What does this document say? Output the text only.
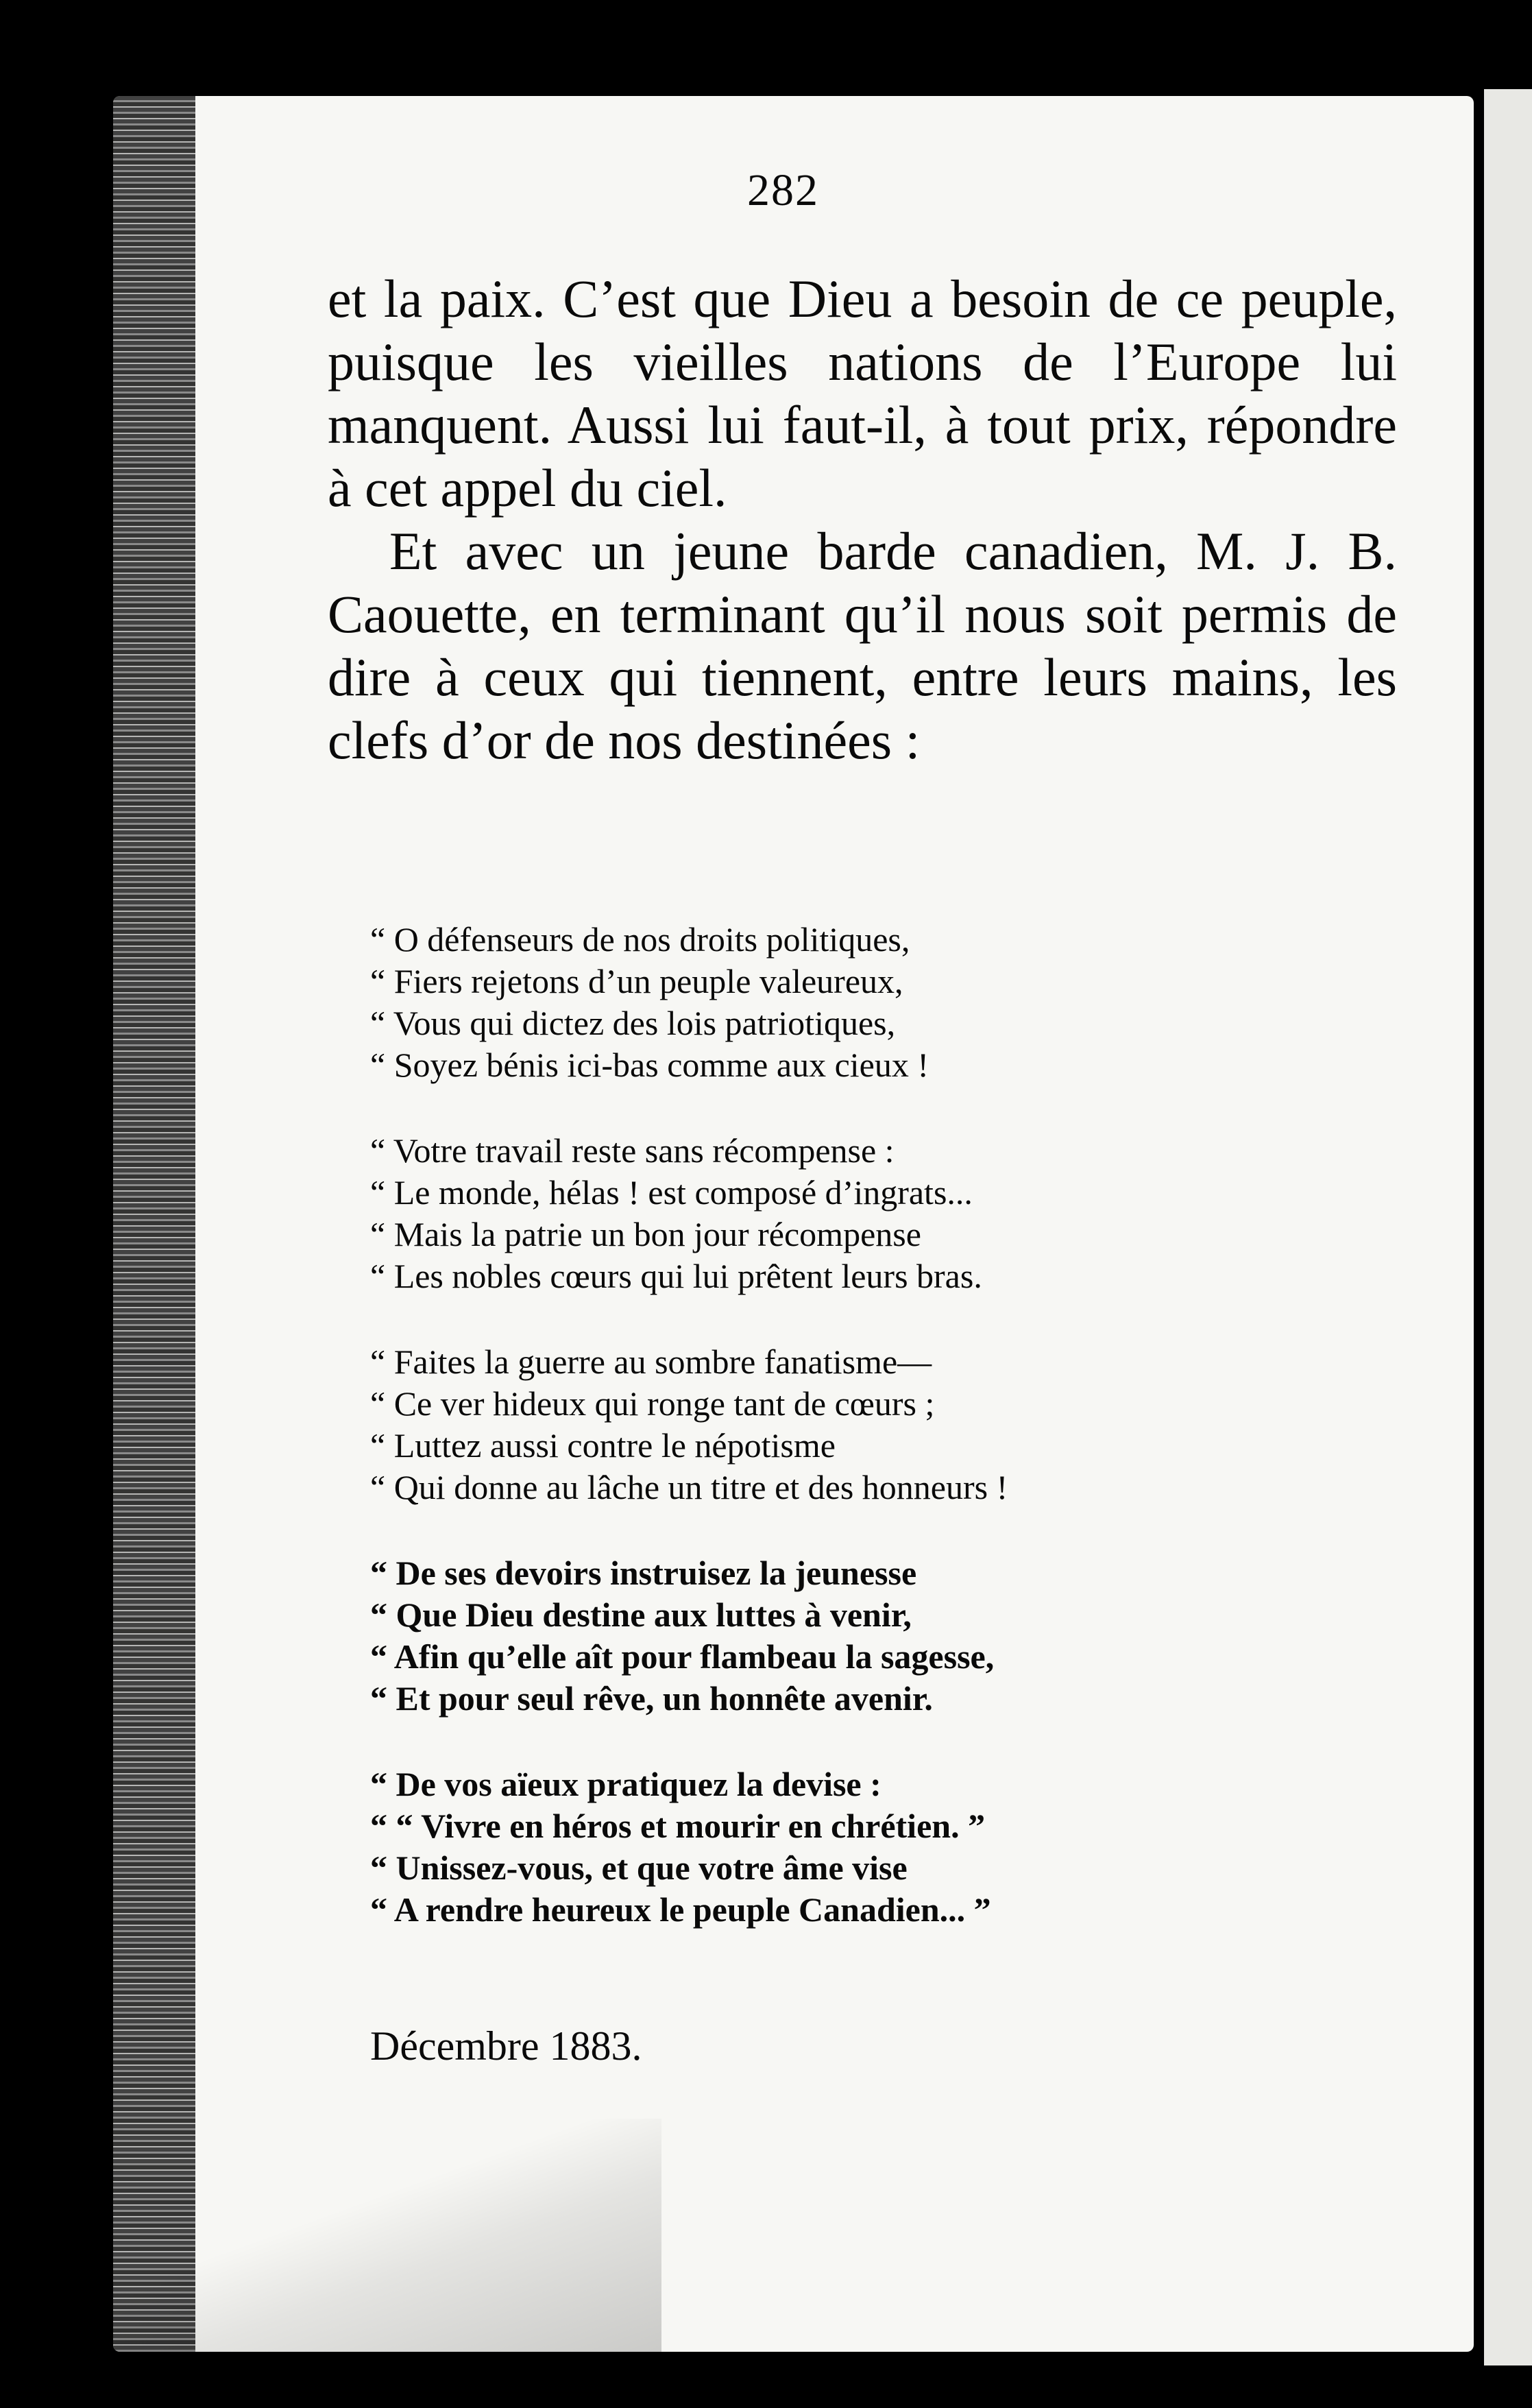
282

et la paix. C’est que Dieu a besoin de ce peuple, puisque les vieilles nations de l’Europe lui manquent. Aussi lui faut-il, à tout prix, répondre à cet appel du ciel.

Et avec un jeune barde canadien, M. J. B. Caouette, en terminant qu’il nous soit permis de dire à ceux qui tiennent, entre leurs mains, les clefs d’or de nos destinées :

“ O défenseurs de nos droits politiques,
“ Fiers rejetons d’un peuple valeureux,
“ Vous qui dictez des lois patriotiques,
“ Soyez bénis ici-bas comme aux cieux !
“ Votre travail reste sans récompense :
“ Le monde, hélas ! est composé d’ingrats...
“ Mais la patrie un bon jour récompense
“ Les nobles cœurs qui lui prêtent leurs bras.
“ Faites la guerre au sombre fanatisme—
“ Ce ver hideux qui ronge tant de cœurs ;
“ Luttez aussi contre le népotisme
“ Qui donne au lâche un titre et des honneurs !
“ De ses devoirs instruisez la jeunesse
“ Que Dieu destine aux luttes à venir,
“ Afin qu’elle aît pour flambeau la sagesse,
“ Et pour seul rêve, un honnête avenir.
“ De vos aïeux pratiquez la devise :
“ “ Vivre en héros et mourir en chrétien. ”
“ Unissez-vous, et que votre âme vise
“ A rendre heureux le peuple Canadien... ”
Décembre 1883.
